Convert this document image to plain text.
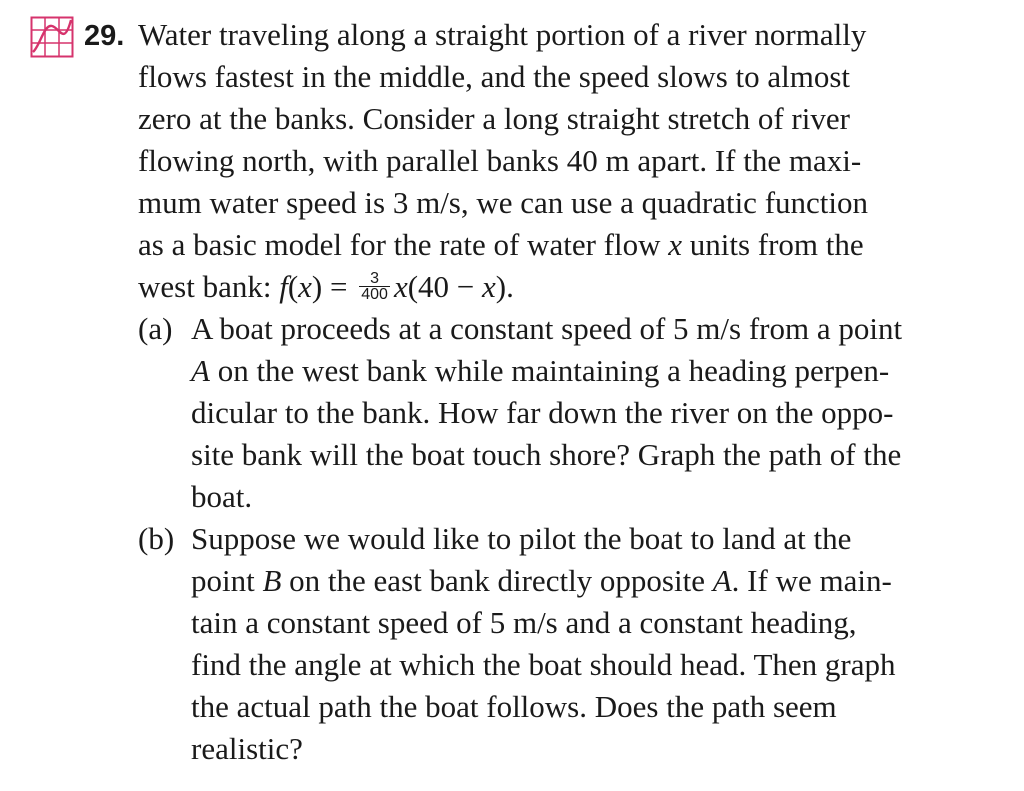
29. Water traveling along a straight portion of a river normally
flows fastest in the middle, and the speed slows to almost
zero at the banks. Consider a long straight stretch of river
flowing north, with parallel banks 40 m apart. If the maxi-
mum water speed is 3 m/s, we can use a quadratic function
as a basic model for the rate of water flow x units from the
west bank: $f(x) = \frac{3}{400} x(40 - x)$.
(a) A boat proceeds at a constant speed of 5 m/s from a point
A on the west bank while maintaining a heading perpen-
dicular to the bank. How far down the river on the oppo-
site bank will the boat touch shore? Graph the path of the
boat.
(b) Suppose we would like to pilot the boat to land at the
point B on the east bank directly opposite A. If we main-
tain a constant speed of 5 m/s and a constant heading,
find the angle at which the boat should head. Then graph
the actual path the boat follows. Does the path seem
realistic?
